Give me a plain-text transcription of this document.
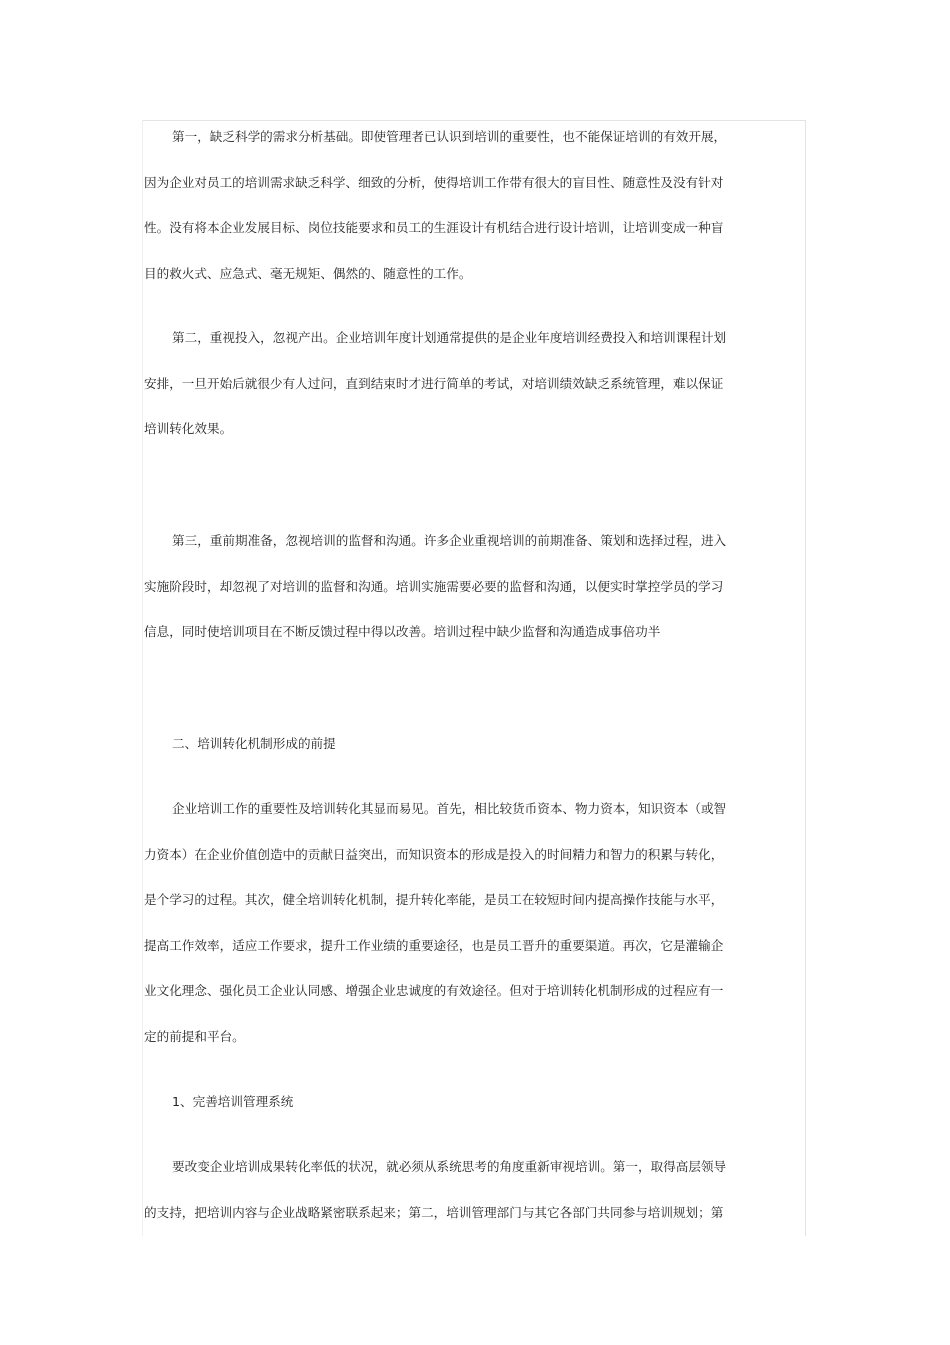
第一，缺乏科学的需求分析基础。即使管理者已认识到培训的重要性，也不能保证培训的有效开展，
因为企业对员工的培训需求缺乏科学、细致的分析，使得培训工作带有很大的盲目性、随意性及没有针对
性。没有将本企业发展目标、岗位技能要求和员工的生涯设计有机结合进行设计培训，让培训变成一种盲
目的救火式、应急式、毫无规矩、偶然的、随意性的工作。
第二，重视投入，忽视产出。企业培训年度计划通常提供的是企业年度培训经费投入和培训课程计划
安排，一旦开始后就很少有人过问，直到结束时才进行简单的考试，对培训绩效缺乏系统管理，难以保证
培训转化效果。
第三，重前期准备，忽视培训的监督和沟通。许多企业重视培训的前期准备、策划和选择过程，进入
实施阶段时，却忽视了对培训的监督和沟通。培训实施需要必要的监督和沟通，以便实时掌控学员的学习
信息，同时使培训项目在不断反馈过程中得以改善。培训过程中缺少监督和沟通造成事倍功半
二、培训转化机制形成的前提
企业培训工作的重要性及培训转化其显而易见。首先，相比较货币资本、物力资本，知识资本（或智
力资本）在企业价值创造中的贡献日益突出，而知识资本的形成是投入的时间精力和智力的积累与转化，
是个学习的过程。其次，健全培训转化机制，提升转化率能，是员工在较短时间内提高操作技能与水平，
提高工作效率，适应工作要求，提升工作业绩的重要途径，也是员工晋升的重要渠道。再次，它是灌输企
业文化理念、强化员工企业认同感、增强企业忠诚度的有效途径。但对于培训转化机制形成的过程应有一
定的前提和平台。
1、完善培训管理系统
要改变企业培训成果转化率低的状况，就必须从系统思考的角度重新审视培训。第一，取得高层领导
的支持，把培训内容与企业战略紧密联系起来；第二，培训管理部门与其它各部门共同参与培训规划；第
